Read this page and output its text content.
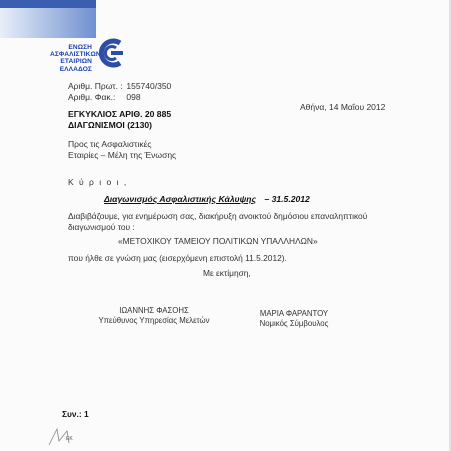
ΕΝΩΣΗ
ΑΣΦΑΛΙΣΤΙΚΩΝ
ΕΤΑΙΡΙΩΝ
ΕΛΛΑΔΟΣ
Αριθμ. Πρωτ. : 155740/350
Αριθμ. Φακ.: 098
ΕΓΚΥΚΛΙΟΣ ΑΡΙΘ. 20 885
ΔΙΑΓΩΝΙΣΜΟΙ (2130)
Αθήνα, 14 Μαΐου 2012
Προς τις Ασφαλιστικές
Εταιρίες – Μέλη της Ένωσης
Κ ύ ρ ι ο ι ,
Διαγωνισμός Ασφαλιστικής Κάλυψης – 31.5.2012
Διαβιβάζουμε, για ενημέρωση σας, διακήρυξη ανοικτού δημόσιου επαναληπτικού διαγωνισμού του :
«ΜΕΤΟΧΙΚΟΥ ΤΑΜΕΙΟΥ ΠΟΛΙΤΙΚΩΝ ΥΠΑΛΛΗΛΩΝ»
που ήλθε σε γνώση μας (εισερχόμενη επιστολή 11.5.2012).
Με εκτίμηση,
ΙΩΑΝΝΗΣ ΦΑΣΟΗΣ
Υπεύθυνος Υπηρεσίας Μελετών
ΜΑΡΙΑ ΦΑΡΑΝΤΟΥ
Νομικός Σύμβουλος
Συν.: 1
ΕΚ
